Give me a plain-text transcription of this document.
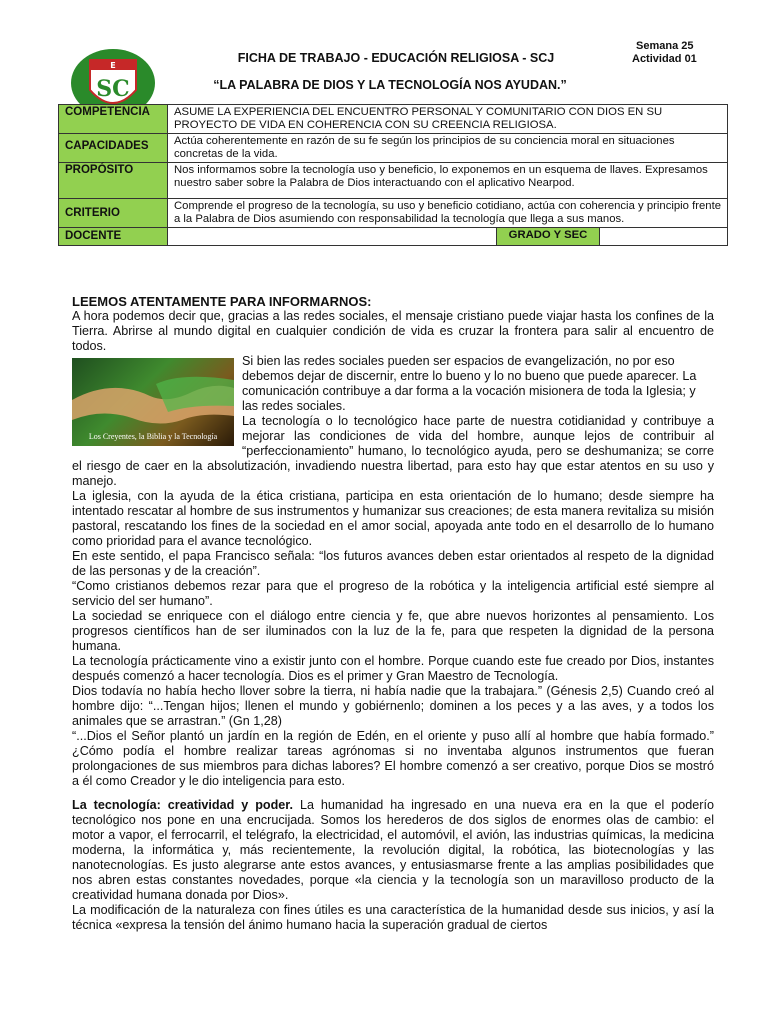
E
SC
Semana 25
Actividad 01
FICHA DE TRABAJO - EDUCACIÓN RELIGIOSA - SCJ
“LA PALABRA DE DIOS Y LA TECNOLOGÍA NOS AYUDAN.”
COMPETENCIA	ASUME LA EXPERIENCIA DEL ENCUENTRO PERSONAL Y COMUNITARIO CON DIOS EN SU PROYECTO DE VIDA EN COHERENCIA CON SU CREENCIA RELIGIOSA.		
CAPACIDADES	Actúa coherentemente en razón de su fe según los principios de su conciencia moral en situaciones concretas de la vida.		
PROPÓSITO	Nos informamos sobre la tecnología uso y beneficio, lo exponemos en un esquema de llaves. Expresamos nuestro saber sobre la Palabra de Dios interactuando con el aplicativo Nearpod.		
CRITERIO	Comprende el progreso de la tecnología, su uso y beneficio cotidiano, actúa con coherencia y principio frente a la Palabra de Dios asumiendo con responsabilidad la tecnología que llega a sus manos.		
DOCENTE		GRADO Y SEC	

LEEMOS ATENTAMENTE PARA INFORMARNOS:

A hora podemos decir que, gracias a las redes sociales, el mensaje cristiano puede viajar hasta los confines de la Tierra. Abrirse al mundo digital en cualquier condición de vida es cruzar la frontera para salir al encuentro de todos.

Los Creyentes, la Biblia y la Tecnología

Si bien las redes sociales pueden ser espacios de evangelización, no por eso debemos dejar de discernir, entre lo bueno y lo no bueno que puede aparecer. La comunicación contribuye a dar forma a la vocación misionera de toda la Iglesia; y las redes sociales.

La tecnología o lo tecnológico hace parte de nuestra cotidianidad y contribuye a mejorar las condiciones de vida del hombre, aunque lejos de contribuir al “perfeccionamiento” humano, lo tecnológico ayuda, pero se deshumaniza; se corre el riesgo de caer en la absolutización, invadiendo nuestra libertad, para esto hay que estar atentos en su uso y manejo.

La iglesia, con la ayuda de la ética cristiana, participa en esta orientación de lo humano; desde siempre ha intentado rescatar al hombre de sus instrumentos y humanizar sus creaciones; de esta manera revitaliza su misión pastoral, rescatando los fines de la sociedad en el amor social, apoyada ante todo en el desarrollo de lo humano como prioridad para el avance tecnológico.

En este sentido, el papa Francisco señala: “los futuros avances deben estar orientados al respeto de la dignidad de las personas y de la creación”.

“Como cristianos debemos rezar para que el progreso de la robótica y la inteligencia artificial esté siempre al servicio del ser humano”.

La sociedad se enriquece con el diálogo entre ciencia y fe, que abre nuevos horizontes al pensamiento. Los progresos científicos han de ser iluminados con la luz de la fe, para que respeten la dignidad de la persona humana.

La tecnología prácticamente vino a existir junto con el hombre. Porque cuando este fue creado por Dios, instantes después comenzó a hacer tecnología. Dios es el primer y Gran Maestro de Tecnología.

Dios todavía no había hecho llover sobre la tierra, ni había nadie que la trabajara.” (Génesis 2,5) Cuando creó al hombre dijo: “...Tengan hijos; llenen el mundo y gobiérnenlo; dominen a los peces y a las aves, y a todos los animales que se arrastran.” (Gn 1,28)

“...Dios el Señor plantó un jardín en la región de Edén, en el oriente y puso allí al hombre que había formado.” ¿Cómo podía el hombre realizar tareas agrónomas si no inventaba algunos instrumentos que fueran prolongaciones de sus miembros para dichas labores? El hombre comenzó a ser creativo, porque Dios se mostró a él como Creador y le dio inteligencia para esto.

La tecnología: creatividad y poder. La humanidad ha ingresado en una nueva era en la que el poderío tecnológico nos pone en una encrucijada. Somos los herederos de dos siglos de enormes olas de cambio: el motor a vapor, el ferrocarril, el telégrafo, la electricidad, el automóvil, el avión, las industrias químicas, la medicina moderna, la informática y, más recientemente, la revolución digital, la robótica, las biotecnologías y las nanotecnologías. Es justo alegrarse ante estos avances, y entusiasmarse frente a las amplias posibilidades que nos abren estas constantes novedades, porque «la ciencia y la tecnología son un maravilloso producto de la creatividad humana donada por Dios».

La modificación de la naturaleza con fines útiles es una característica de la humanidad desde sus inicios, y así la técnica «expresa la tensión del ánimo humano hacia la superación gradual de ciertos
